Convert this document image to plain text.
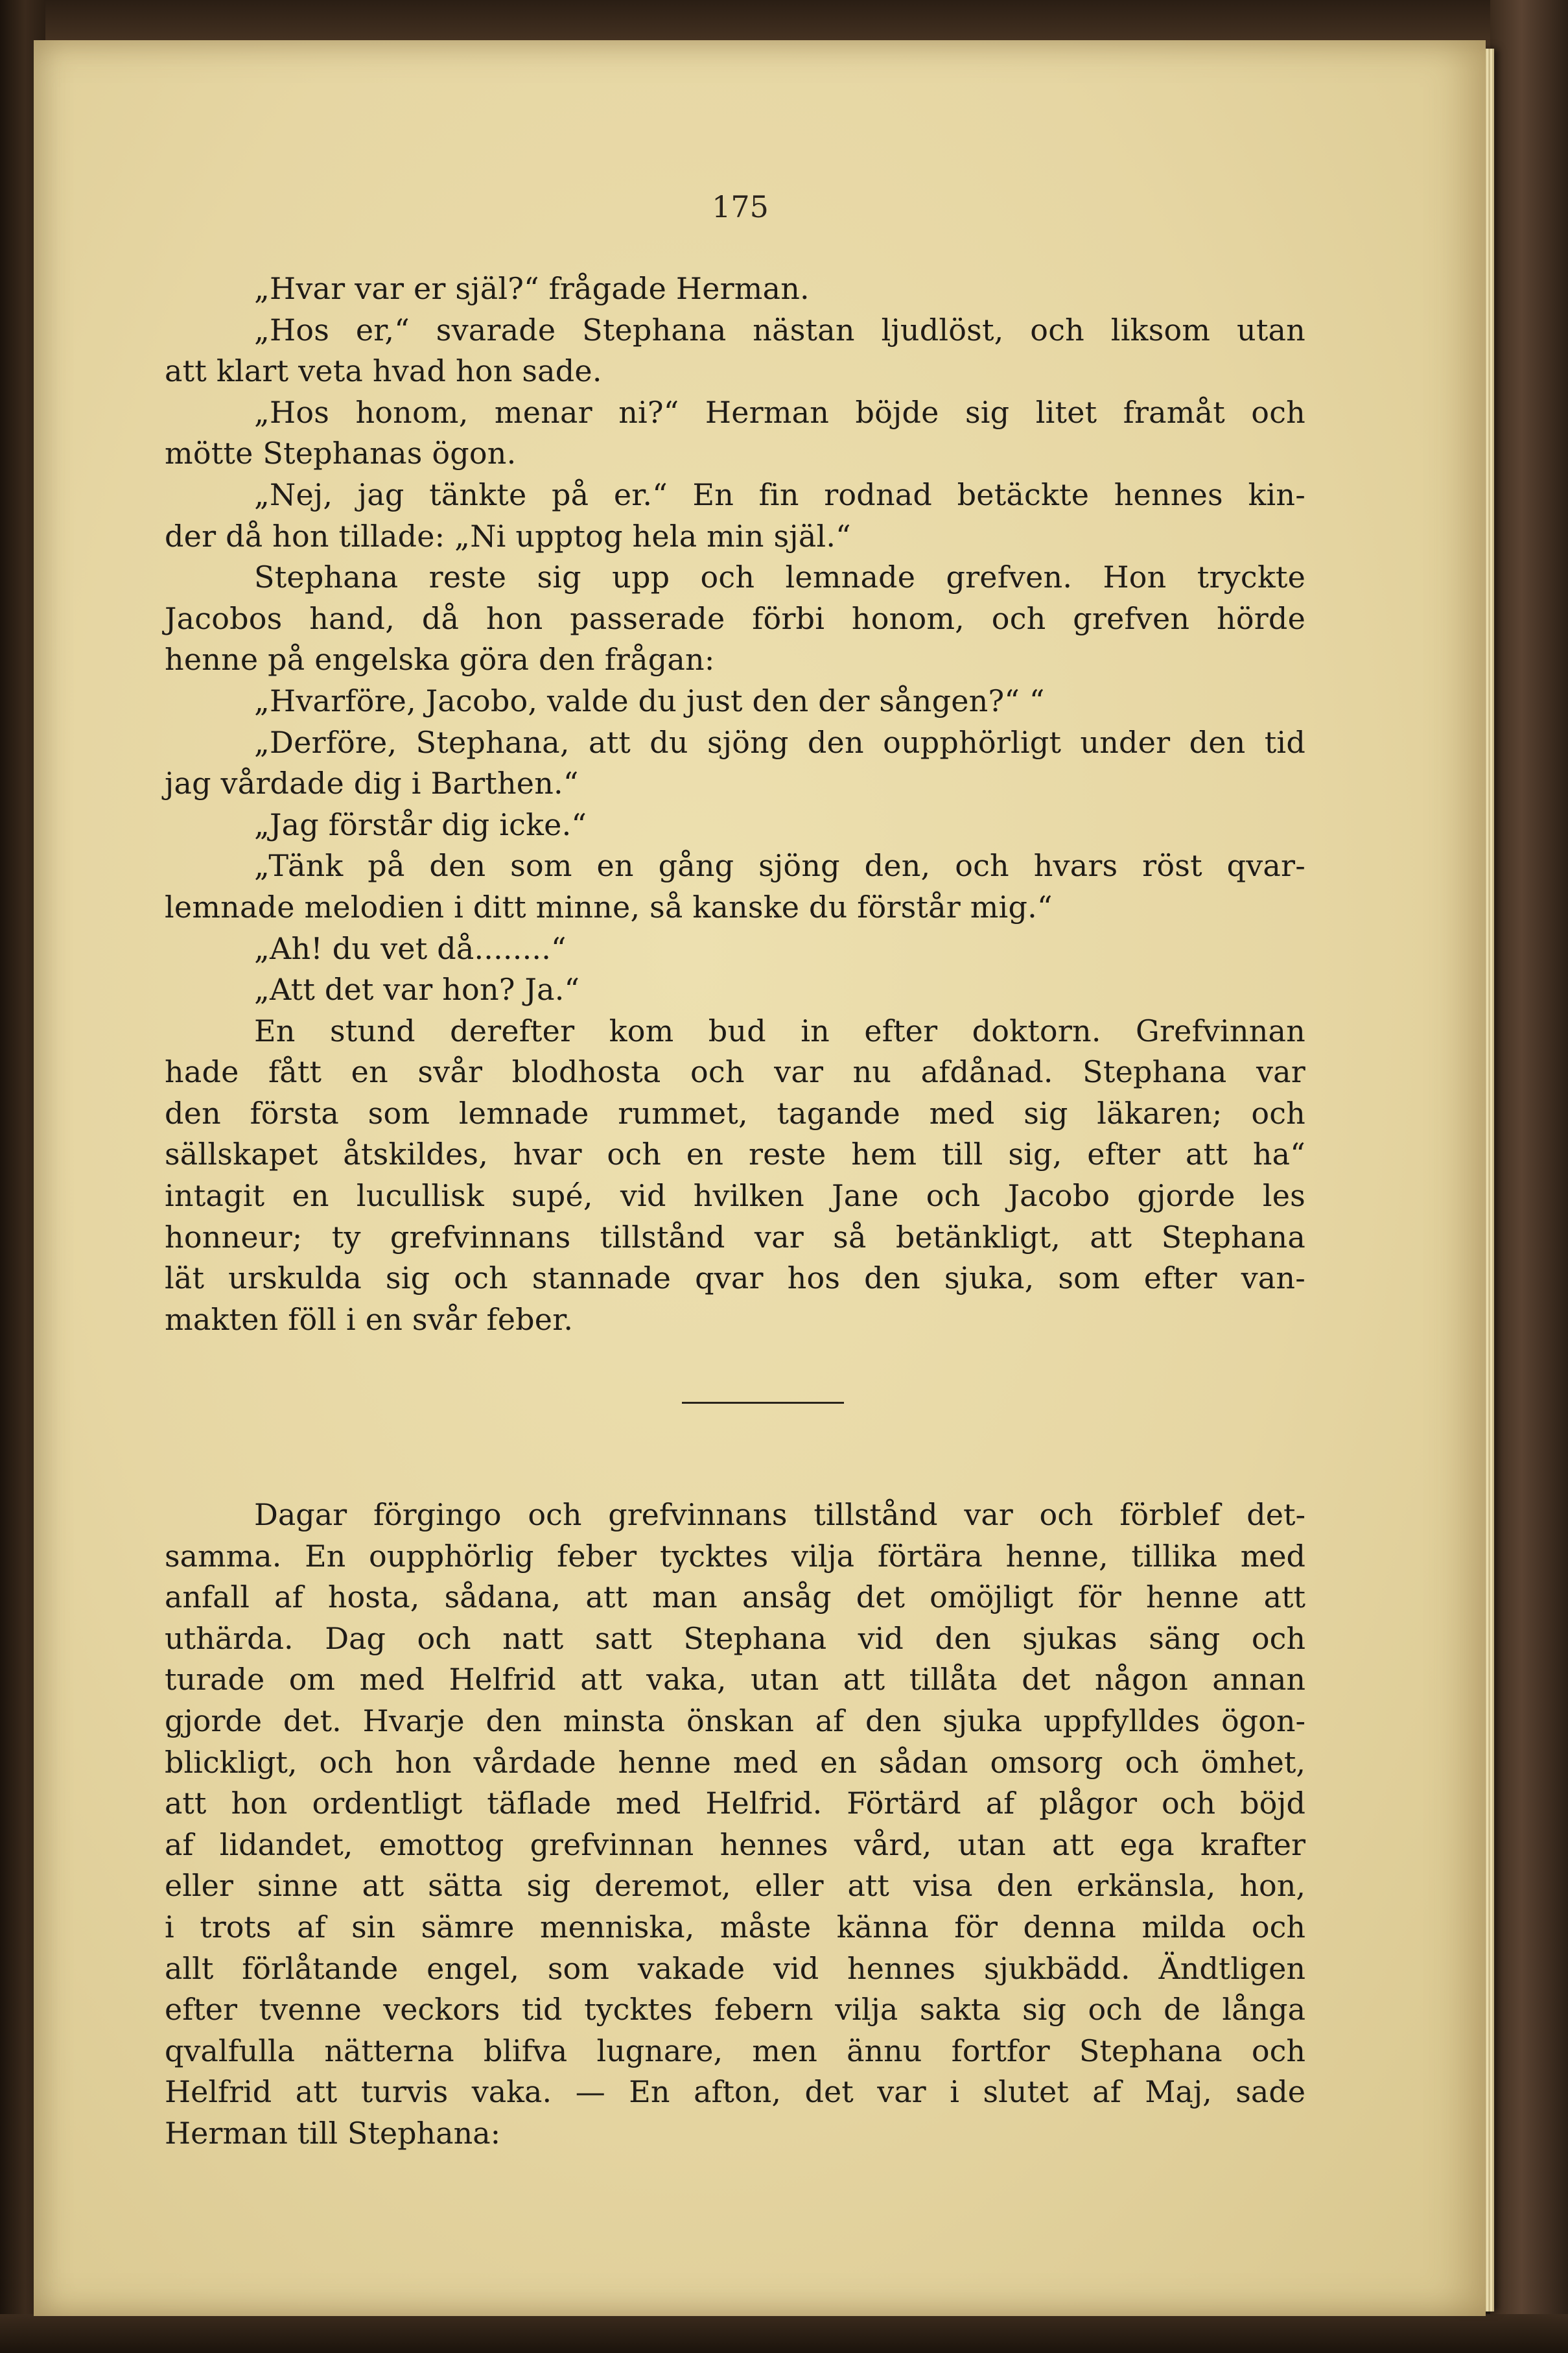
175
„Hvar var er själ?“ frågade Herman.
„Hos er,“ svarade Stephana nästan ljudlöst, och liksom utan
att klart veta hvad hon sade.
„Hos honom, menar ni?“ Herman böjde sig litet framåt och
mötte Stephanas ögon.
„Nej, jag tänkte på er.“ En fin rodnad betäckte hennes kin-
der då hon tillade: „Ni upptog hela min själ.“
Stephana reste sig upp och lemnade grefven. Hon tryckte
Jacobos hand, då hon passerade förbi honom, och grefven hörde
henne på engelska göra den frågan:
„Hvarföre, Jacobo, valde du just den der sången?“ “
„Derföre, Stephana, att du sjöng den oupphörligt under den tid
jag vårdade dig i Barthen.“
„Jag förstår dig icke.“
„Tänk på den som en gång sjöng den, och hvars röst qvar-
lemnade melodien i ditt minne, så kanske du förstår mig.“
„Ah! du vet då........“
„Att det var hon? Ja.“
En stund derefter kom bud in efter doktorn. Grefvinnan
hade fått en svår blodhosta och var nu afdånad. Stephana var
den första som lemnade rummet, tagande med sig läkaren; och
sällskapet åtskildes, hvar och en reste hem till sig, efter att ha“
intagit en lucullisk supé, vid hvilken Jane och Jacobo gjorde les
honneur; ty grefvinnans tillstånd var så betänkligt, att Stephana
lät urskulda sig och stannade qvar hos den sjuka, som efter van-
makten föll i en svår feber.
Dagar förgingo och grefvinnans tillstånd var och förblef det-
samma. En oupphörlig feber tycktes vilja förtära henne, tillika med
anfall af hosta, sådana, att man ansåg det omöjligt för henne att
uthärda. Dag och natt satt Stephana vid den sjukas säng och
turade om med Helfrid att vaka, utan att tillåta det någon annan
gjorde det. Hvarje den minsta önskan af den sjuka uppfylldes ögon-
blickligt, och hon vårdade henne med en sådan omsorg och ömhet,
att hon ordentligt täflade med Helfrid. Förtärd af plågor och böjd
af lidandet, emottog grefvinnan hennes vård, utan att ega krafter
eller sinne att sätta sig deremot, eller att visa den erkänsla, hon,
i trots af sin sämre menniska, måste känna för denna milda och
allt förlåtande engel, som vakade vid hennes sjukbädd. Ändtligen
efter tvenne veckors tid tycktes febern vilja sakta sig och de långa
qvalfulla nätterna blifva lugnare, men ännu fortfor Stephana och
Helfrid att turvis vaka. — En afton, det var i slutet af Maj, sade
Herman till Stephana:
